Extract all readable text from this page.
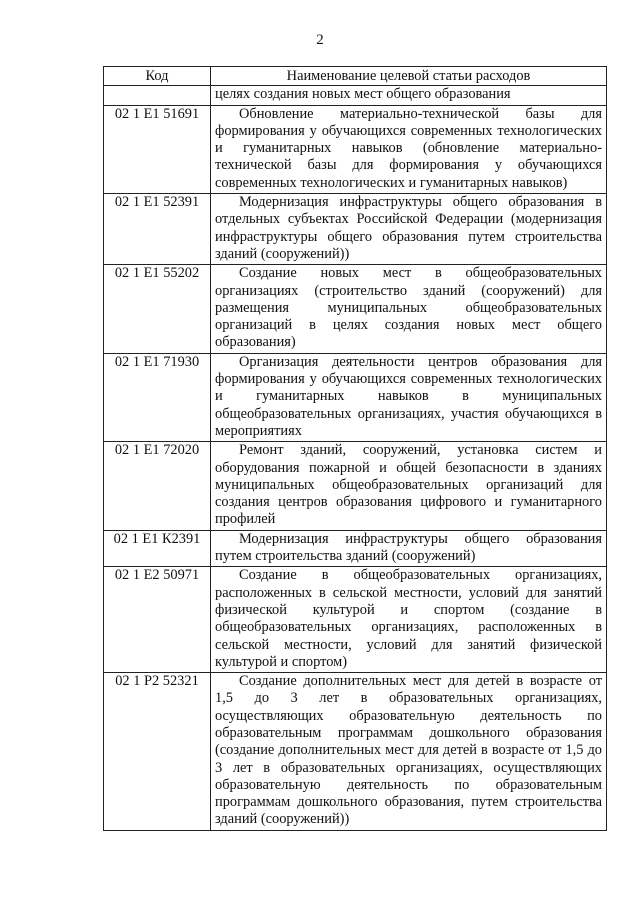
2
Код	Наименование целевой статьи расходов
	целях создания новых мест общего образования
02 1 Е1 51691	Обновление материально-технической базы для формирования у обучающихся современных технологических и гуманитарных навыков (обновление материально-технической базы для формирования у обучающихся современных технологических и гуманитарных навыков)
02 1 Е1 52391	Модернизация инфраструктуры общего образования в отдельных субъектах Российской Федерации (модернизация инфраструктуры общего образования путем строительства зданий (сооружений))
02 1 Е1 55202	Создание новых мест в общеобразовательных организациях (строительство зданий (сооружений) для размещения муниципальных общеобразовательных организаций в целях создания новых мест общего образования)
02 1 Е1 71930	Организация деятельности центров образования для формирования у обучающихся современных технологических и гуманитарных навыков в муниципальных общеобразовательных организациях, участия обучающихся в мероприятиях
02 1 Е1 72020	Ремонт зданий, сооружений, установка систем и оборудования пожарной и общей безопасности в зданиях муниципальных общеобразовательных организаций для создания центров образования цифрового и гуманитарного профилей
02 1 Е1 К2391	Модернизация инфраструктуры общего образования путем строительства зданий (сооружений)
02 1 Е2 50971	Создание в общеобразовательных организациях, расположенных в сельской местности, условий для занятий физической культурой и спортом (создание в общеобразовательных организациях, расположенных в сельской местности, условий для занятий физической культурой и спортом)
02 1 Р2 52321	Создание дополнительных мест для детей в возрасте от 1,5 до 3 лет в образовательных организациях, осуществляющих образовательную деятельность по образовательным программам дошкольного образования (создание дополнительных мест для детей в возрасте от 1,5 до 3 лет в образовательных организациях, осуществляющих образовательную деятельность по образовательным программам дошкольного образования, путем строительства зданий (сооружений))
